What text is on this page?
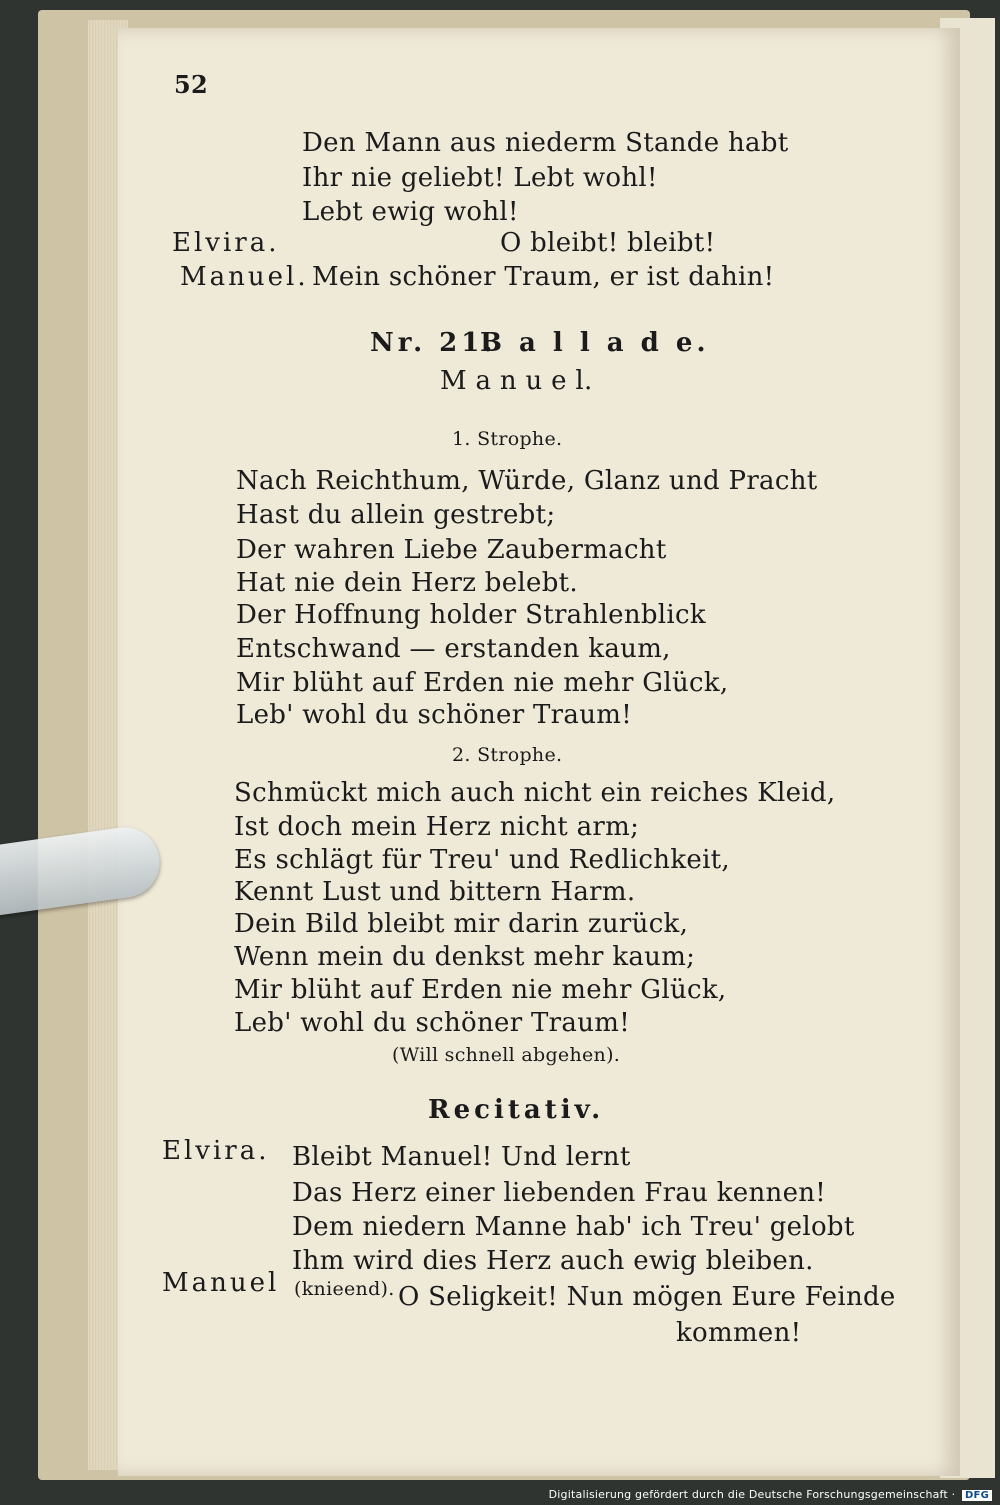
52
Den Mann aus niederm Stande habt
Ihr nie geliebt! Lebt wohl!
Lebt ewig wohl!
Elvira.	O bleibt! bleibt!
Manuel. Mein schöner Traum, er ist dahin!
Nr. 21.
B a l l a d e.
M a n u e l.
1. Strophe.
Nach Reichthum, Würde, Glanz und Pracht
Hast du allein gestrebt;
Der wahren Liebe Zaubermacht
Hat nie dein Herz belebt.
Der Hoffnung holder Strahlenblick
Entschwand — erstanden kaum,
Mir blüht auf Erden nie mehr Glück,
Leb' wohl du schöner Traum!
2. Strophe.
Schmückt mich auch nicht ein reiches Kleid,
Ist doch mein Herz nicht arm;
Es schlägt für Treu' und Redlichkeit,
Kennt Lust und bittern Harm.
Dein Bild bleibt mir darin zurück,
Wenn mein du denkst mehr kaum;
Mir blüht auf Erden nie mehr Glück,
Leb' wohl du schöner Traum!
(Will schnell abgehen).
Recitativ.
Elvira. Bleibt Manuel! Und lernt
Das Herz einer liebenden Frau kennen!
Dem niedern Manne hab' ich Treu' gelobt
Ihm wird dies Herz auch ewig bleiben.
Manuel (knieend). O Seligkeit! Nun mögen Eure Feinde
kommen!
Digitalisierung gefördert durch die Deutsche Forschungsgemeinschaft · DFG
